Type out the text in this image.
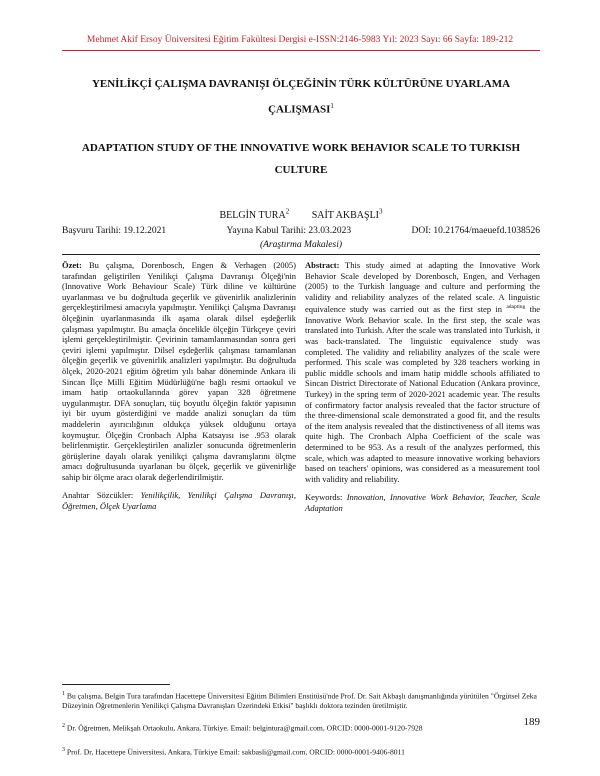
Mehmet Akif Ersoy Üniversitesi Eğitim Fakültesi Dergisi e-ISSN:2146-5983 Yıl: 2023 Sayı: 66 Sayfa: 189-212
YENİLİKÇİ ÇALIŞMA DAVRANIŞI ÖLÇEĞİNİN TÜRK KÜLTÜRÜNE UYARLAMA ÇALIŞMASI$^1$
ADAPTATION STUDY OF THE INNOVATIVE WORK BEHAVIOR SCALE TO TURKISH CULTURE
BELGİN TURA$^2$ SAİT AKBAŞLI$^3$
Başvuru Tarihi: 19.12.2021	Yayına Kabul Tarihi: 23.03.2023	DOI: 10.21764/maeuefd.1038526
(Araştırma Makalesi)
Özet: Bu çalışma, Dorenbosch, Engen & Verhagen (2005) tarafından geliştirilen Yenilikçi Çalışma Davranışı Ölçeği'nin (Innovative Work Behaviour Scale) Türk diline ve kültürüne uyarlanması ve bu doğrultuda geçerlik ve güvenirlik analizlerinin gerçekleştirilmesi amacıyla yapılmıştır. Yenilikçi Çalışma Davranışı ölçeğinin uyarlanmasında ilk aşama olarak dilsel eşdeğerlik çalışması yapılmıştır. Bu amaçla öncelikle ölçeğin Türkçeye çeviri işlemi gerçekleştirilmiştir. Çevirinin tamamlanmasından sonra geri çeviri işlemi yapılmıştır. Dilsel eşdeğerlik çalışması tamamlanan ölçeğin geçerlik ve güvenirlik analizleri yapılmıştır. Bu doğrultuda ölçek, 2020-2021 eğitim öğretim yılı bahar döneminde Ankara ili Sincan İlçe Milli Eğitim Müdürlüğü'ne bağlı resmi ortaokul ve imam hatip ortaokullarında görev yapan 328 öğretmene uygulanmıştır. DFA sonuçları, tüç boyutlu ölçeğin faktör yapısının iyi bir uyum gösterdiğini ve madde analizi sonuçları da tüm maddelerin ayırıcılığının oldukça yüksek olduğunu ortaya koymuştur. Ölçeğin Cronbach Alpha Katsayısı ise .953 olarak belirlenmiştir. Gerçekleştirilen analizler sonucunda öğretmenlerin görüşlerine dayalı olarak yenilikçi çalışma davranışlarını ölçme amacı doğrultusunda uyarlanan bu ölçek, geçerlik ve güvenirliğe sahip bir ölçme aracı olarak değerlendirilmiştir.
Anahtar Sözcükler: Yenilikçilik, Yenilikçi Çalışma Davranışı, Öğretmen, Ölçek Uyarlama
Abstract: This study aimed at adapting the Innovative Work Behavior Scale developed by Dorenbosch, Engen, and Verhagen (2005) to the Turkish language and culture and performing the validity and reliability analyzes of the related scale. A linguistic equivalence study was carried out as the first step in $^{adapting}$ the Innovative Work Behavior scale. In the first step, the scale was translated into Turkish. After the scale was translated into Turkish, it was back-translated. The linguistic equivalence study was completed. The validity and reliability analyzes of the scale were performed. This scale was completed by 328 teachers working in public middle schools and imam hatip middle schools affiliated to Sincan District Directorate of National Education (Ankara province, Turkey) in the spring term of 2020-2021 academic year. The results of confirmatory factor analysis revealed that the factor structure of the three-dimensional scale demonstrated a good fit, and the results of the item analysis revealed that the distinctiveness of all items was quite high. The Cronbach Alpha Coefficient of the scale was determined to be 953. As a result of the analyzes performed, this scale, which was adapted to measure innovative working behaviors based on teachers' opinions, was considered as a measurement tool with validity and reliability.
Keywords: Innovation, Innovative Work Behavior, Teacher, Scale Adaptation
$^1$ Bu çalışma, Belgin Tura tarafından Hacettepe Üniversitesi Eğitim Bilimleri Enstitüsü'nde Prof. Dr. Sait Akbaşlı danışmanlığında yürütülen "Örgütsel Zeka Düzeyinin Öğretmenlerin Yenilikçi Çalışma Davranışları Üzerindeki Etkisi" başlıklı doktora tezinden üretilmiştir.
$^2$ Dr. Öğretmen, Melikşah Ortaokulu, Ankara, Türkiye. Email: belgintura@gmail.com, ORCID: 0000-0001-9120-7928
$^3$ Prof. Dr, Hacettepe Üniversitesi, Ankara, Türkiye Email: sakbasli@gmail.com, ORCID: 0000-0001-9406-8011
189
